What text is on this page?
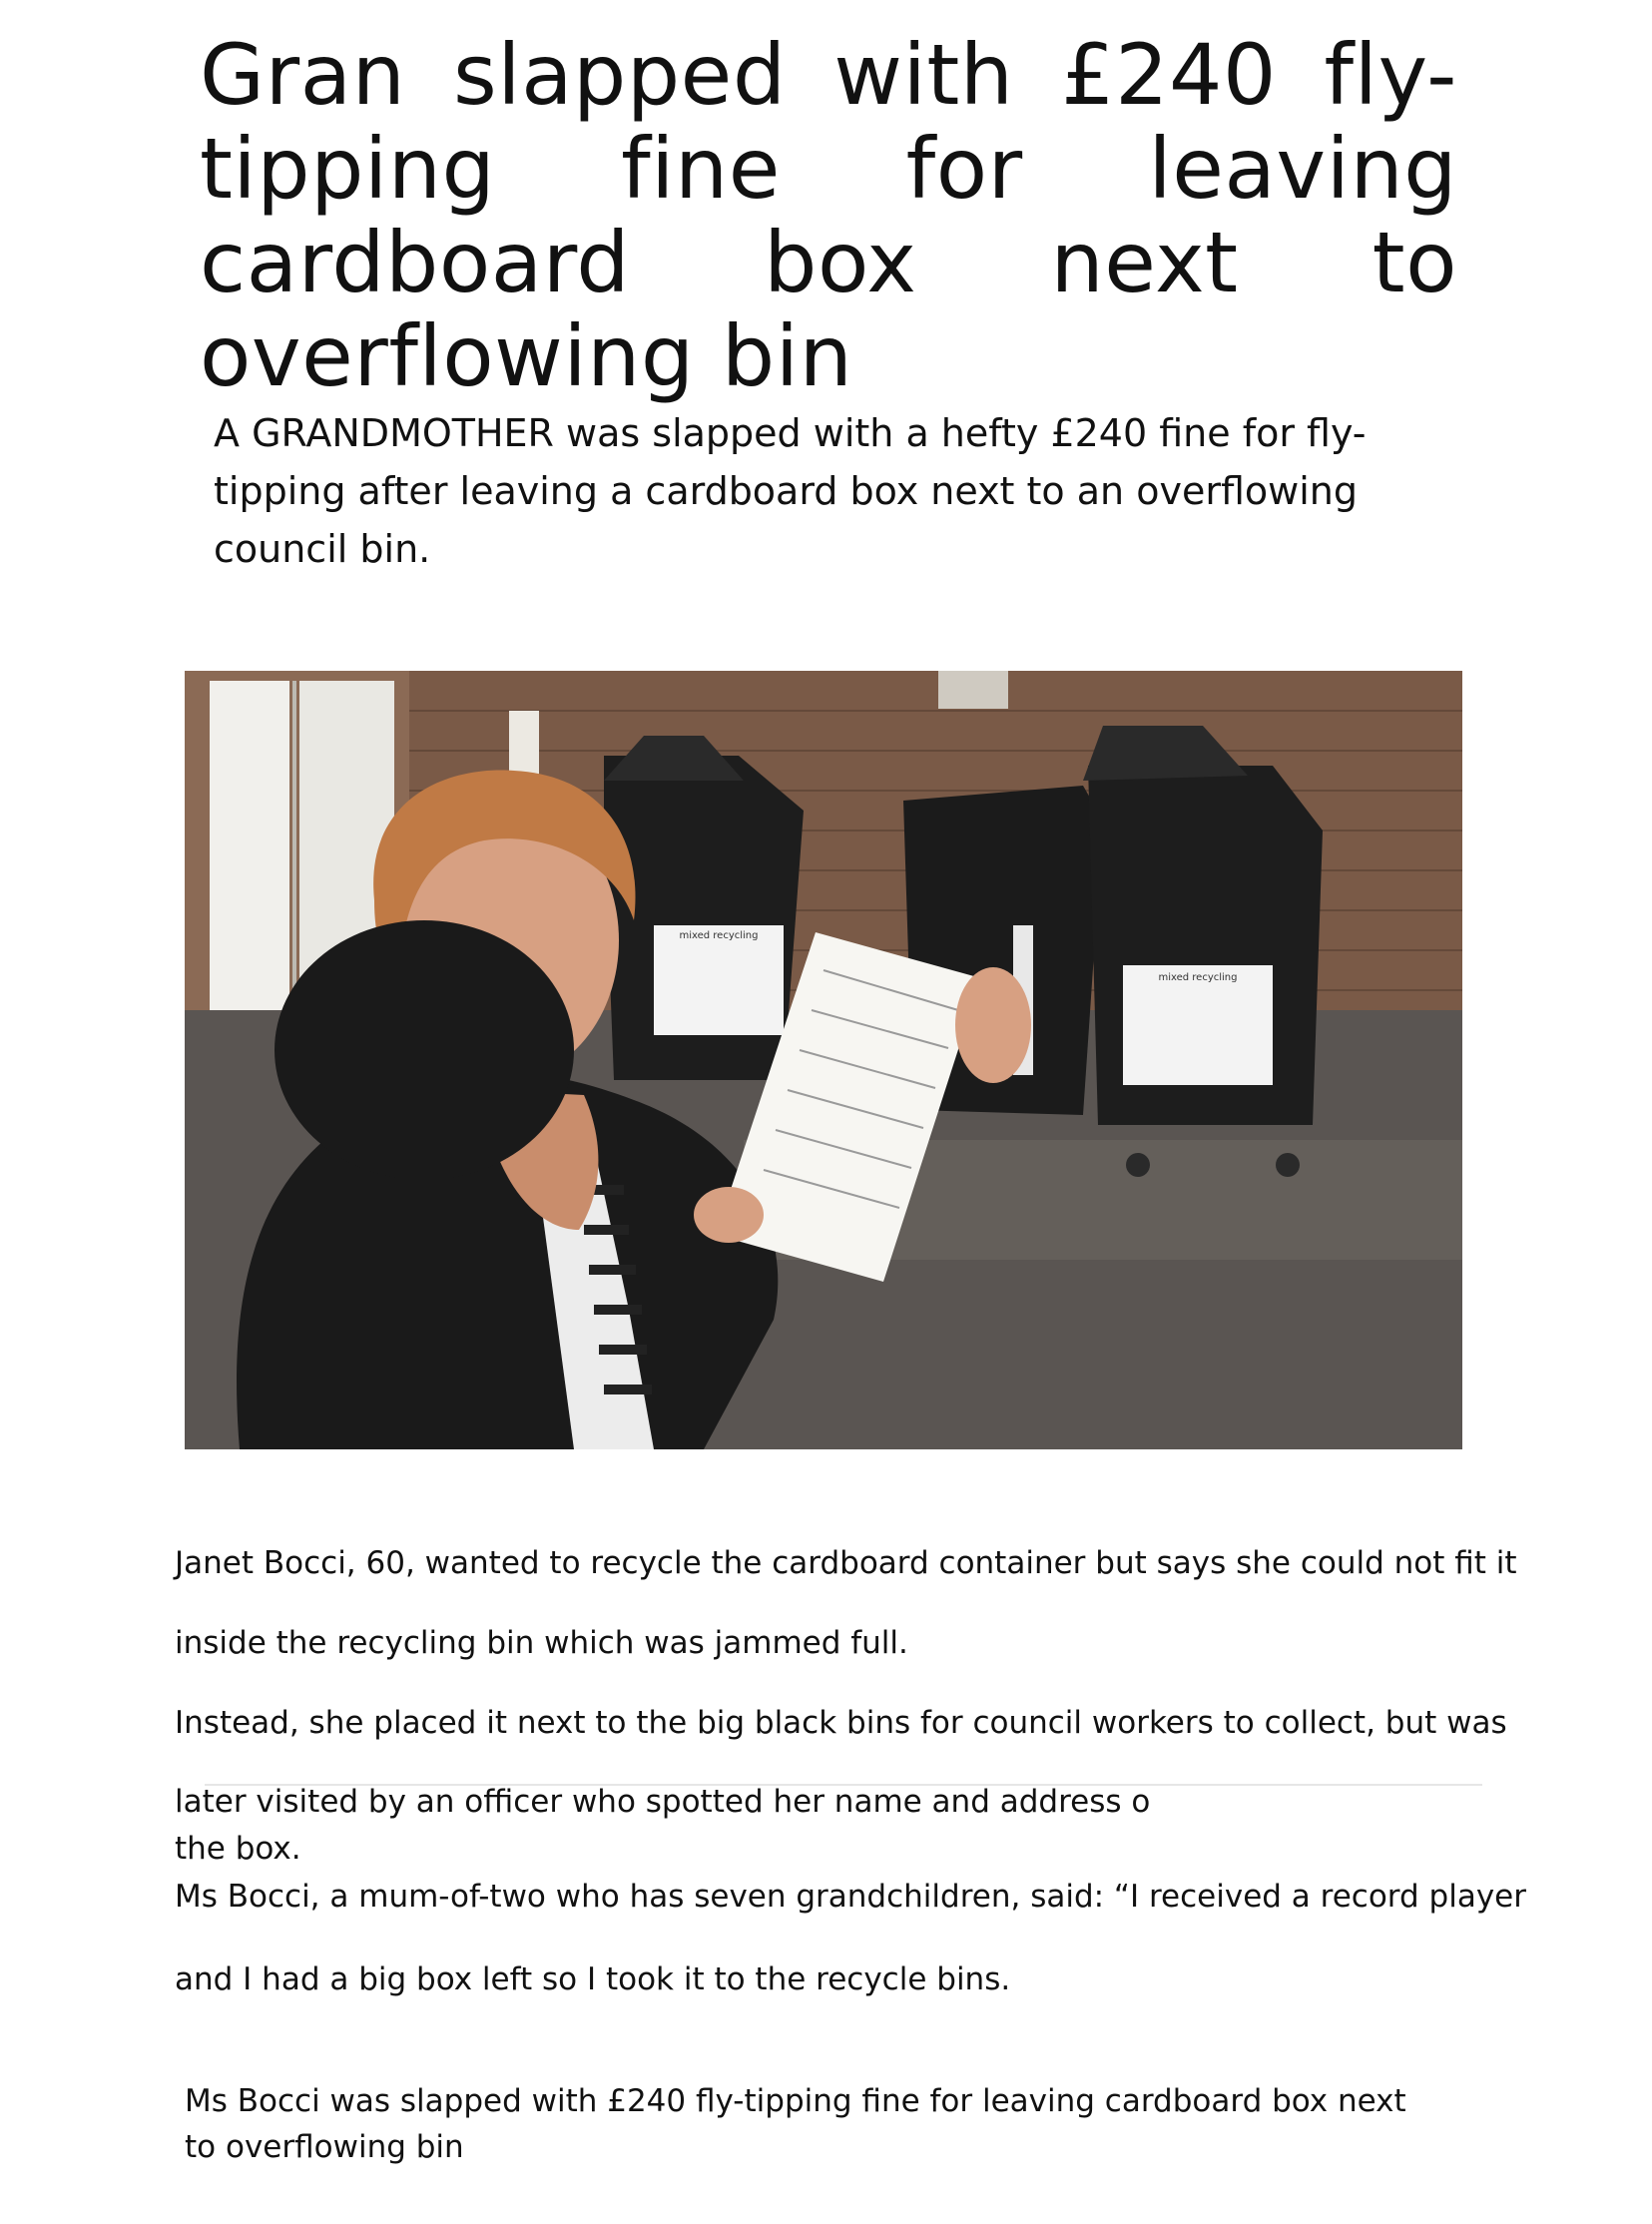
Gran slapped with £240 fly-tipping fine for leaving cardboard box next to overflowing bin

A GRANDMOTHER was slapped with a hefty £240 fine for fly-tipping after leaving a cardboard box next to an overflowing council bin.

mixed recycling
mixed recycling

Janet Bocci, 60, wanted to recycle the cardboard container but says she could not fit it

inside the recycling bin which was jammed full.

Instead, she placed it next to the big black bins for council workers to collect, but was

later visited by an officer who spotted her name and address o

the box.

Ms Bocci, a mum-of-two who has seven grandchildren, said: “I received a record player

and I had a big box left so I took it to the recycle bins.

Ms Bocci was slapped with £240 fly-tipping fine for leaving cardboard box next to overflowing bin
